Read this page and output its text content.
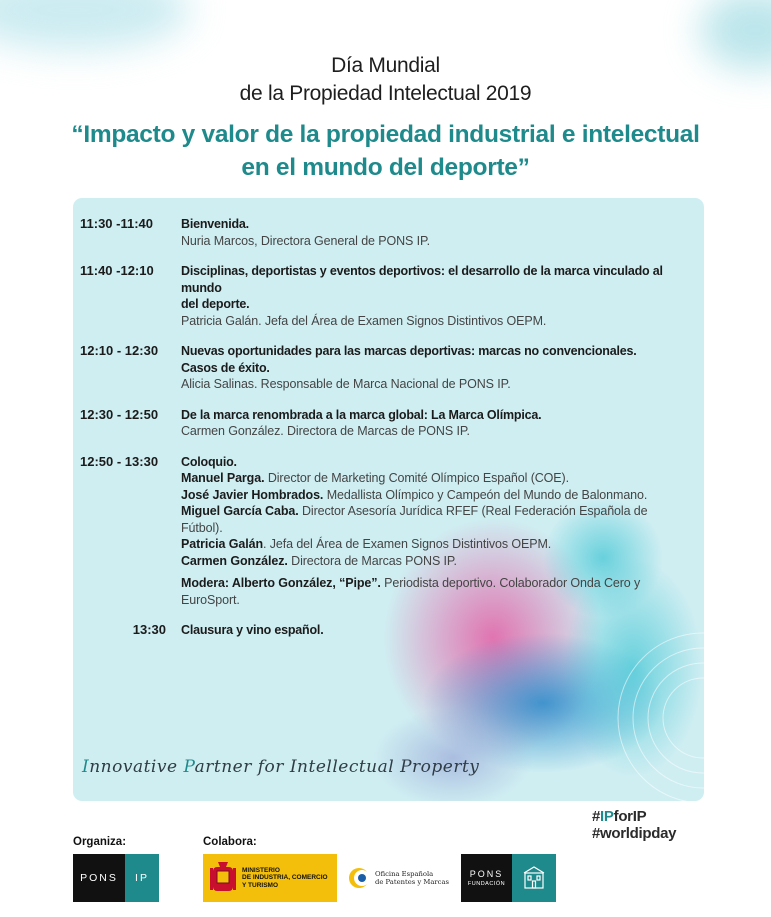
Día Mundial
de la Propiedad Intelectual 2019
“Impacto y valor de la propiedad industrial e intelectual
en el mundo del deporte”
11:30 -11:40	Bienvenida.
Nuria Marcos, Directora General de PONS IP.
11:40 -12:10	Disciplinas, deportistas y eventos deportivos: el desarrollo de la marca vinculado al mundo
del deporte.
Patricia Galán. Jefa del Área de Examen Signos Distintivos OEPM.
12:10 - 12:30	Nuevas oportunidades para las marcas deportivas: marcas no convencionales.
Casos de éxito.
Alicia Salinas. Responsable de Marca Nacional de PONS IP.
12:30 - 12:50	De la marca renombrada a la marca global: La Marca Olímpica.
Carmen González. Directora de Marcas de PONS IP.
12:50 - 13:30	Coloquio.
Manuel Parga. Director de Marketing Comité Olímpico Español (COE).
José Javier Hombrados. Medallista Olímpico y Campeón del Mundo de Balonmano.
Miguel García Caba. Director Asesoría Jurídica RFEF (Real Federación Española de Fútbol).
Patricia Galán. Jefa del Área de Examen Signos Distintivos OEPM.
Carmen González. Directora de Marcas PONS IP.
Modera: Alberto González, “Pipe”. Periodista deportivo. Colaborador Onda Cero y
EuroSport.
13:30	Clausura y vino español.
Innovative Partner for Intellectual Property
#IPforIP
#worldipday
Organiza:	Colabora:
PONS	IP
MINISTERIO
DE INDUSTRIA, COMERCIO
Y TURISMO
Oficina Española
de Patentes y Marcas
PONS
FUNDACIÓN
